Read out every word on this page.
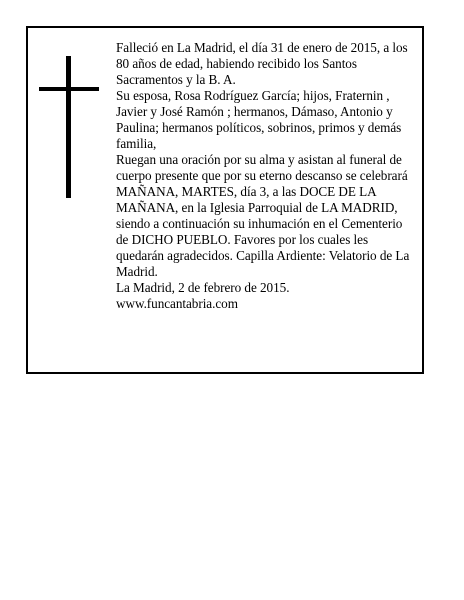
Falleció en La Madrid, el día 31 de enero de 2015, a los 80 años de edad, habiendo recibido los Santos Sacramentos y la B. A.

Su esposa, Rosa Rodríguez García; hijos, Fraternin , Javier y José Ramón ; hermanos, Dámaso, Antonio y Paulina; hermanos políticos, sobrinos, primos y demás familia,

Ruegan una oración por su alma y asistan al funeral de cuerpo presente que por su eterno descanso se celebrará MAÑANA, MARTES, día 3, a las DOCE DE LA MAÑANA, en la Iglesia Parroquial de LA MADRID, siendo a continuación su inhumación en el Cementerio de DICHO PUEBLO. Favores por los cuales les quedarán agradecidos. Capilla Ardiente: Velatorio de La Madrid.

La Madrid, 2 de febrero de 2015.

www.funcantabria.com
